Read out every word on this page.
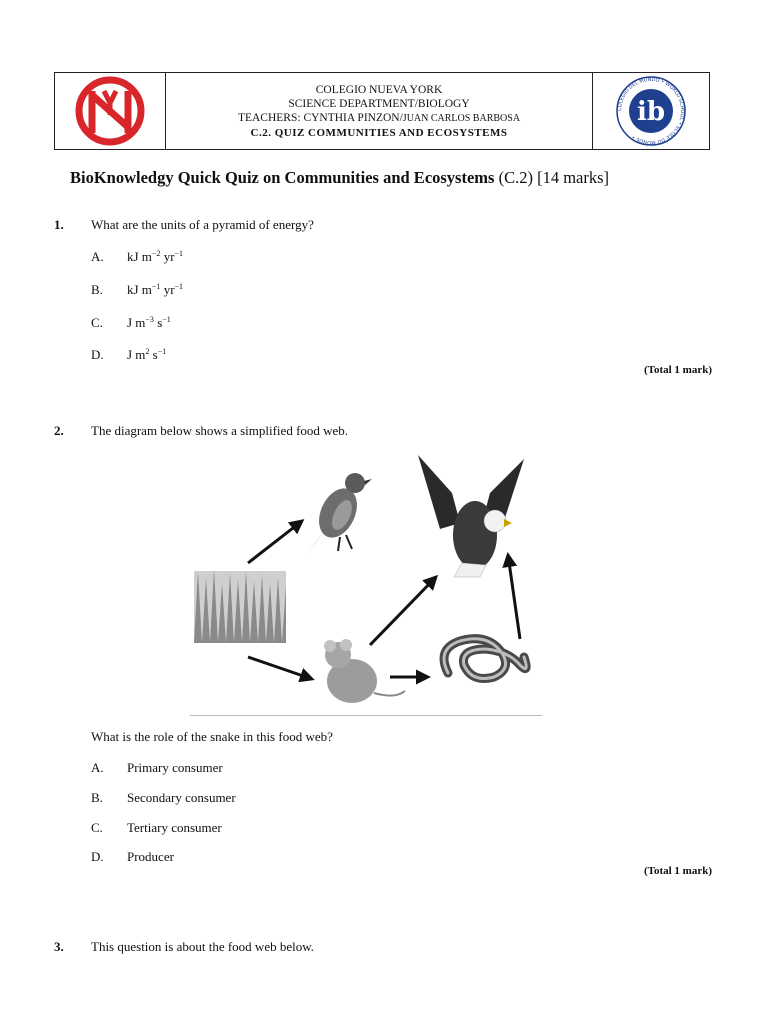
COLEGIO NUEVA YORK
SCIENCE DEPARTMENT/BIOLOGY
TEACHERS: CYNTHIA PINZON/JUAN CARLOS BARBOSA
C.2. QUIZ COMMUNITIES AND ECOSYSTEMS
COLEGIO DEL MUNDO • WORLD SCHOOL • ÉCOLE DU MONDE •
ib
BioKnowledgy Quick Quiz on Communities and Ecosystems (C.2) [14 marks]
1. What are the units of a pyramid of energy?
A. kJ $m^{-2}$ $yr^{-1}$
B. kJ $m^{-1}$ $yr^{-1}$
C. J $m^{-3}$ $s^{-1}$
D. J $m^2$ $s^{-1}$
(Total 1 mark)
2. The diagram below shows a simplified food web.
What is the role of the snake in this food web?
A. Primary consumer
B. Secondary consumer
C. Tertiary consumer
D. Producer
(Total 1 mark)
3. This question is about the food web below.
